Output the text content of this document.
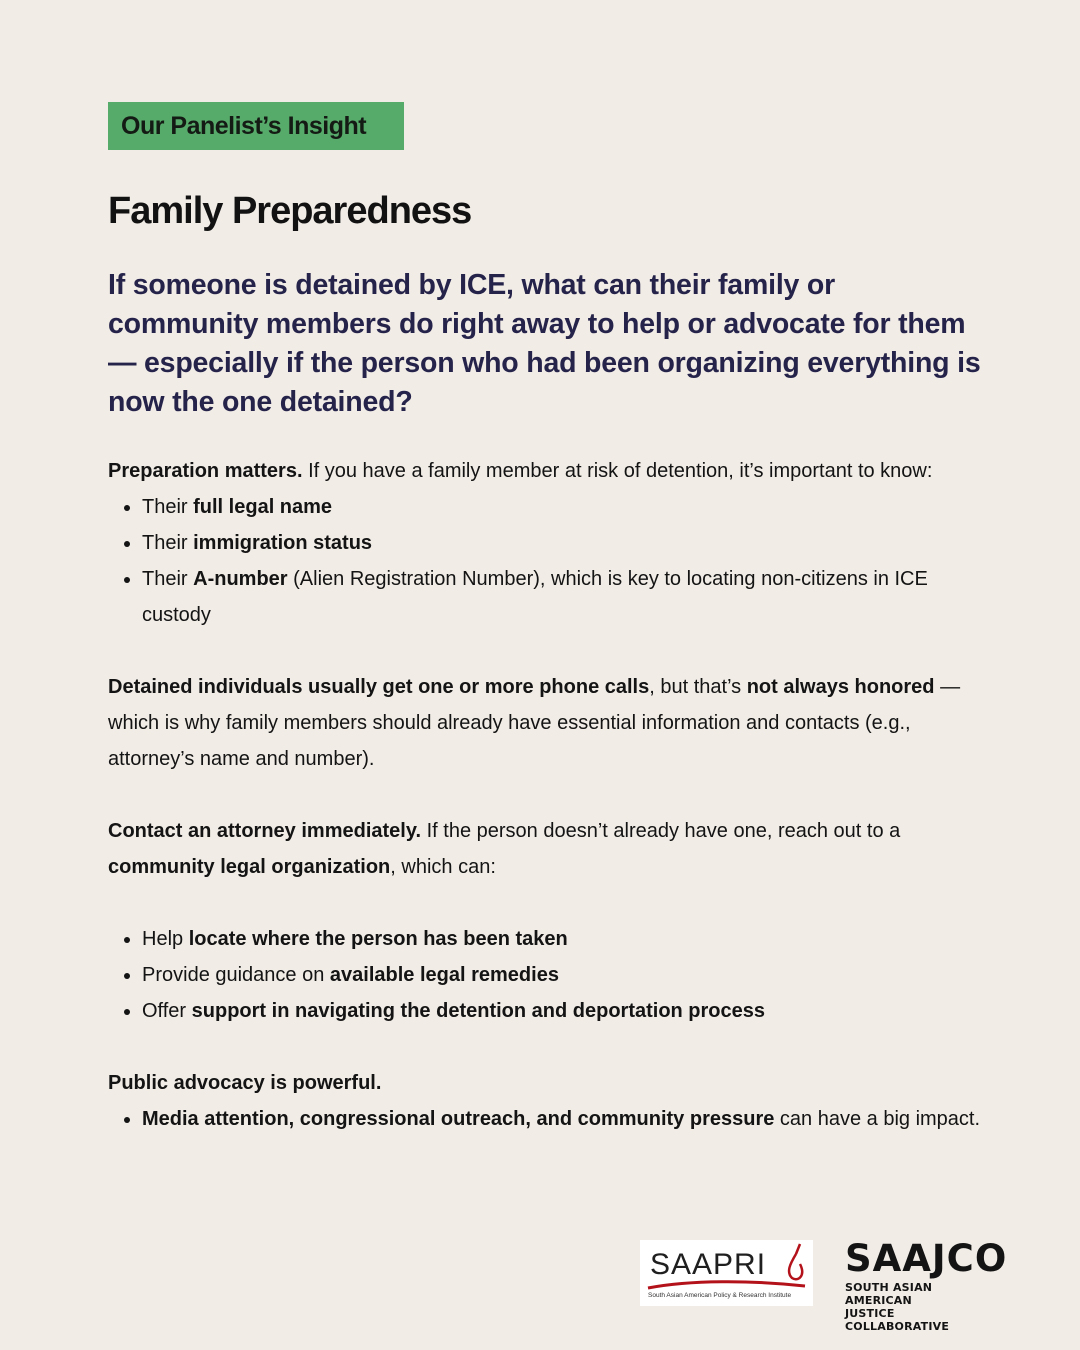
Our Panelist’s Insight
Family Preparedness
If someone is detained by ICE, what can their family or community members do right away to help or advocate for them — especially if the person who had been organizing everything is now the one detained?

Preparation matters. If you have a family member at risk of detention, it’s important to know:

• Their full legal name
• Their immigration status
• Their A-number (Alien Registration Number), which is key to locating non-citizens in ICE custody

Detained individuals usually get one or more phone calls, but that’s not always honored — which is why family members should already have essential information and contacts (e.g., attorney’s name and number).

Contact an attorney immediately. If the person doesn’t already have one, reach out to a community legal organization, which can:

• Help locate where the person has been taken
• Provide guidance on available legal remedies
• Offer support in navigating the detention and deportation process

Public advocacy is powerful.

• Media attention, congressional outreach, and community pressure can have a big impact.
SAAPRI
South Asian American Policy & Research Institute
SAAJCO
SOUTH ASIAN AMERICAN
JUSTICE COLLABORATIVE
